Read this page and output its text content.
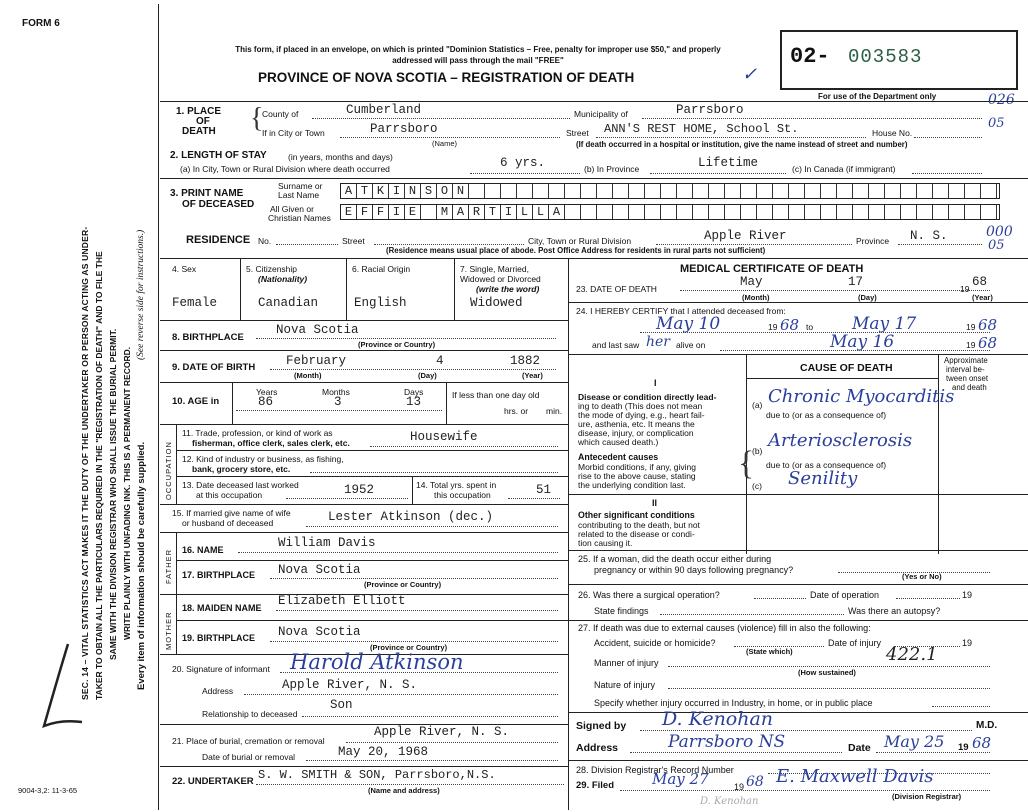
FORM 6
SEC. 14 – VITAL STATISTICS ACT MAKES IT THE DUTY OF THE UNDERTAKER OR PERSON ACTING AS UNDER- TAKER TO OBTAIN ALL THE PARTICULARS REQUIRED IN THE "REGISTRATION OF DEATH" AND TO FILE THE SAME WITH THE DIVISION REGISTRAR WHO SHALL ISSUE THE BURIAL PERMIT. WRITE PLAINLY WITH UNFADING INK. THIS IS A PERMANENT RECORD. Every item of information should be carefully supplied.
(See reverse side for instructions.)
9004-3,2: 11-3-65
This form, if placed in an envelope, on which is printed "Dominion Statistics – Free, penalty for improper use $50," and properly addressed will pass through the mail "FREE"
PROVINCE OF NOVA SCOTIA – REGISTRATION OF DEATH
02- 003583
For use of the Department only
✓
026
05
000
05
1. PLACE
OF
DEATH {
County of	Cumberland	Municipality of	Parrsboro
If in City or Town	Parrsboro
(Name)
Street ANN'S REST HOME, School St.	House No.
(If death occurred in a hospital or institution, give the name instead of street and number)
2. LENGTH OF STAY	(in years, months and days)
(a) In City, Town or Rural Division where death occurred	6 yrs.	(b) In Province	Lifetime	(c) In Canada (if immigrant)
3. PRINT NAME
OF DECEASED
Surname or
Last Name	A T K I N S O N
All Given or
Christian Names	E F F I E	M A R T I L L A
RESIDENCE No.	Street	City, Town or Rural Division	Apple River	Province N. S.
(Residence means usual place of abode. Post Office Address for residents in rural parts not sufficient)
4. Sex
Female
5. Citizenship
(Nationality)
Canadian
6. Racial Origin
English
7. Single, Married,
Widowed or Divorced
(write the word)
Widowed
8. BIRTHPLACE
Nova Scotia
(Province or Country)
9. DATE OF BIRTH February	4	1882
(Month)	(Day)	(Year)
10. AGE in
Years
86
Months
3
Days
13	If less than one day old
hrs. or min.
OCCUPATION
11. Trade, profession, or kind of work as
fisherman, office clerk, sales clerk, etc.	Housewife
12. Kind of industry or business, as fishing,
bank, grocery store, etc.
13. Date deceased last worked
at this occupation	1952	14. Total yrs. spent in
this occupation	51
15. If married give name of wife
or husband of deceased	Lester Atkinson (dec.)
FATHER 16. NAME	William Davis
17. BIRTHPLACE Nova Scotia
(Province or Country)
MOTHER
18. MAIDEN NAME Elizabeth Elliott
19. BIRTHPLACE Nova Scotia
(Province or Country)
20. Signature of informant Harold Atkinson
Address	Apple River, N. S.
Relationship to deceased
Son
21. Place of burial, cremation or removal
Apple River, N. S.
Date of burial or removal	May 20, 1968
22. UNDERTAKER S. W. SMITH & SON, Parrsboro,N.S.
(Name and address)
MEDICAL CERTIFICATE OF DEATH
23. DATE OF DEATH	May	17	19 68
(Month)	(Day)	(Year)
24. I HEREBY CERTIFY that I attended deceased from:
May 10	19 68 to May 17	19 68
and last saw her alive on	May 16	19 68
CAUSE OF DEATH
Approximate
interval be-
tween onset
and death
I
Disease or condition directly lead-
ing to death (This does not mean
the mode of dying, e.g., heart fail-
ure, asthenia, etc. It means the
disease, injury, or complication
which caused death.)
(a) Chronic Myocarditis
due to (or as a consequence of)
Antecedent causes
Morbid conditions, if any, giving
rise to the above cause, stating
the underlying condition last.
{
(b) Arteriosclerosis
due to (or as a consequence of)
(c) Senility
II
Other significant conditions
contributing to the death, but not
related to the disease or condi-
tion causing it.
25. If a woman, did the death occur either during
pregnancy or within 90 days following pregnancy?
(Yes or No)
26. Was there a surgical operation?	Date of operation	19
State findings	Was there an autopsy?
27. If death was due to external causes (violence) fill in also the following:
Accident, suicide or homicide?	Date of injury	19
(State which)
Manner of injury	422.1
(How sustained)
Nature of injury
Specify whether injury occurred in Industry, in home, or in public place
Signed by D. Kenohan	M.D.
Address	Parrsboro NS	Date May 25 19 68
28. Division Registrar's Record Number
29. Filed	May 27	19 68 E. Maxwell Davis
(Division Registrar)
D. Kenohan
